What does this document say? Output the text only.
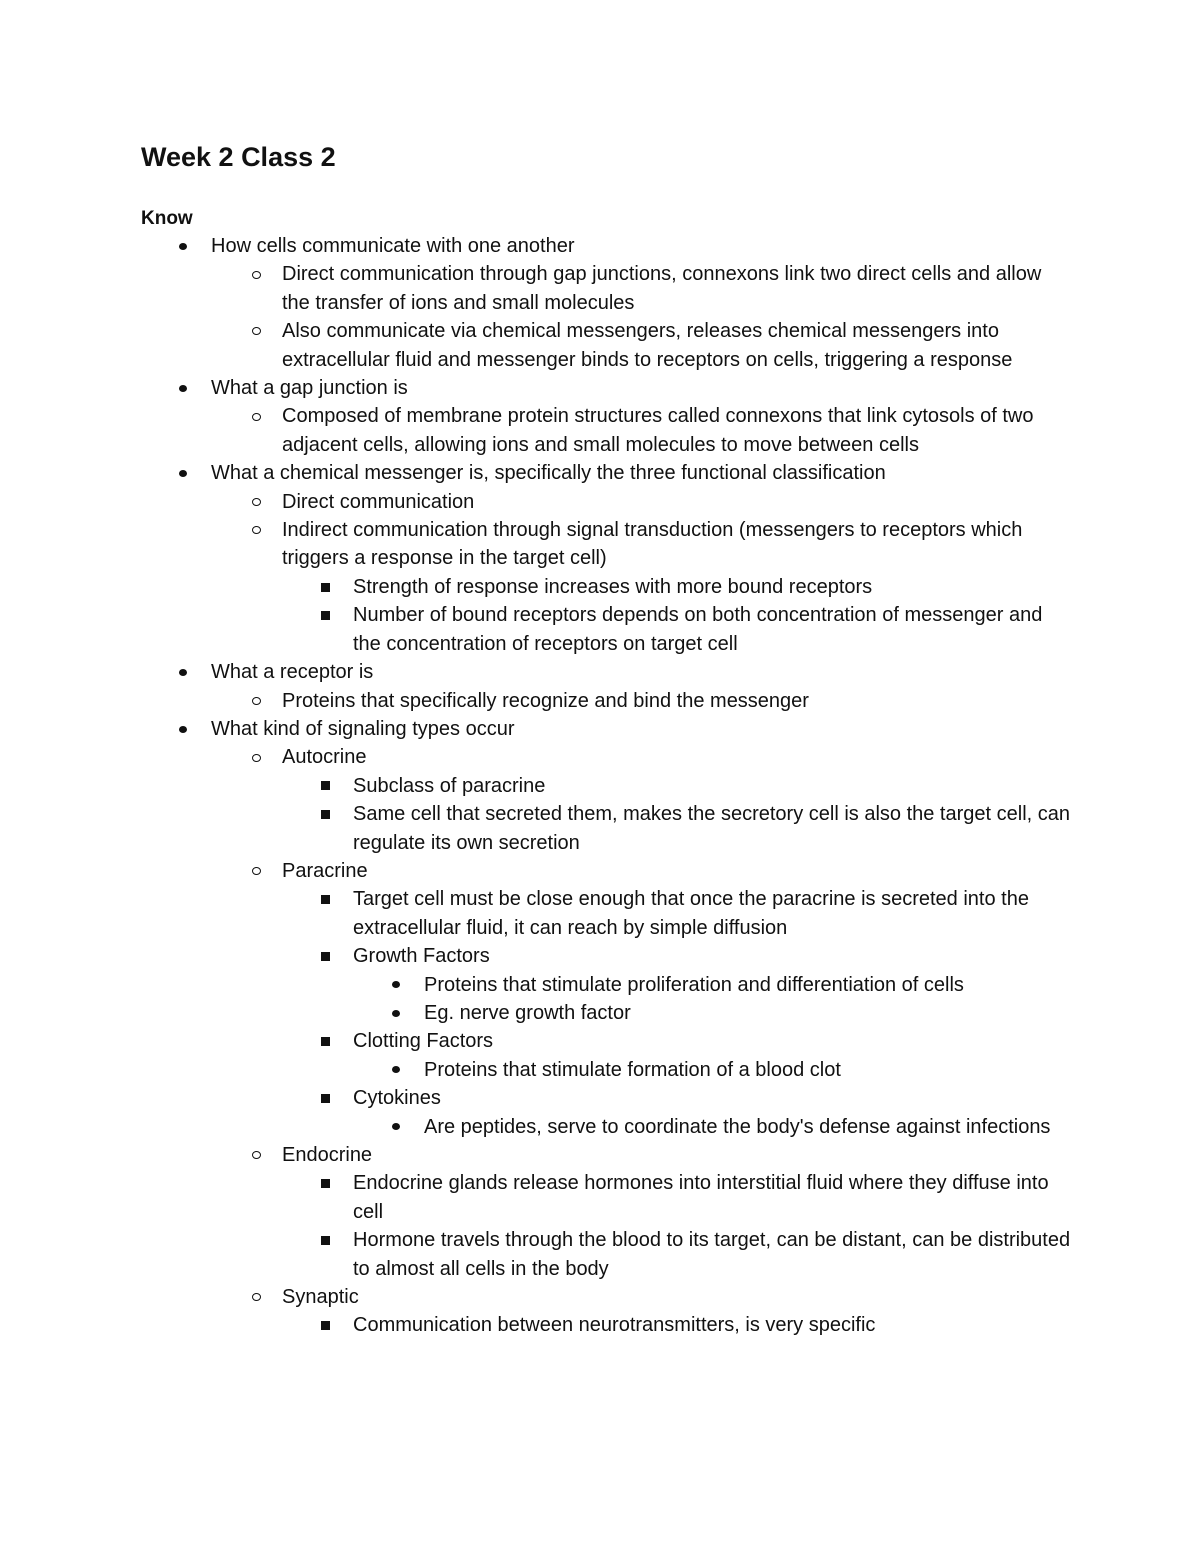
Week 2 Class 2
Know
How cells communicate with one another
Direct communication through gap junctions, connexons link two direct cells and allow the transfer of ions and small molecules
Also communicate via chemical messengers, releases chemical messengers into extracellular fluid and messenger binds to receptors on cells, triggering a response
What a gap junction is
Composed of membrane protein structures called connexons that link cytosols of two adjacent cells, allowing ions and small molecules to move between cells
What a chemical messenger is, specifically the three functional classification
Direct communication
Indirect communication through signal transduction (messengers to receptors which triggers a response in the target cell)
Strength of response increases with more bound receptors
Number of bound receptors depends on both concentration of messenger and the concentration of receptors on target cell
What a receptor is
Proteins that specifically recognize and bind the messenger
What kind of signaling types occur
Autocrine
Subclass of paracrine
Same cell that secreted them, makes the secretory cell is also the target cell, can regulate its own secretion
Paracrine
Target cell must be close enough that once the paracrine is secreted into the extracellular fluid, it can reach by simple diffusion
Growth Factors
Proteins that stimulate proliferation and differentiation of cells
Eg. nerve growth factor
Clotting Factors
Proteins that stimulate formation of a blood clot
Cytokines
Are peptides, serve to coordinate the body's defense against infections
Endocrine
Endocrine glands release hormones into interstitial fluid where they diffuse into cell
Hormone travels through the blood to its target, can be distant, can be distributed to almost all cells in the body
Synaptic
Communication between neurotransmitters, is very specific
